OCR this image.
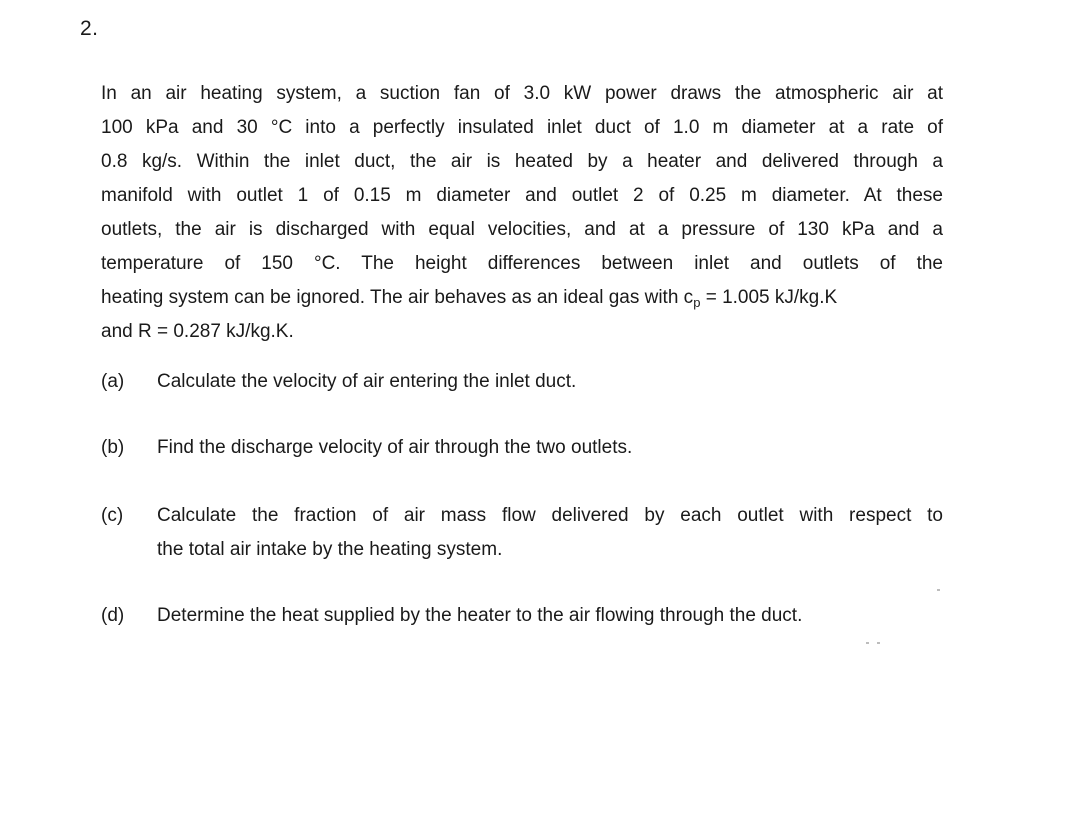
2.
In an air heating system, a suction fan of 3.0 kW power draws the atmospheric air at
100 kPa and 30 °C into a perfectly insulated inlet duct of 1.0 m diameter at a rate of
0.8 kg/s. Within the inlet duct, the air is heated by a heater and delivered through a
manifold with outlet 1 of 0.15 m diameter and outlet 2 of 0.25 m diameter. At these
outlets, the air is discharged with equal velocities, and at a pressure of 130 kPa and a
temperature of 150 °C. The height differences between inlet and outlets of the
heating system can be ignored. The air behaves as an ideal gas with $c_p = 1.005$ kJ/kg.K
and R = 0.287 kJ/kg.K.
(a) Calculate the velocity of air entering the inlet duct.
(b) Find the discharge velocity of air through the two outlets.
(c) Calculate the fraction of air mass flow delivered by each outlet with respect to
the total air intake by the heating system.
(d) Determine the heat supplied by the heater to the air flowing through the duct.
